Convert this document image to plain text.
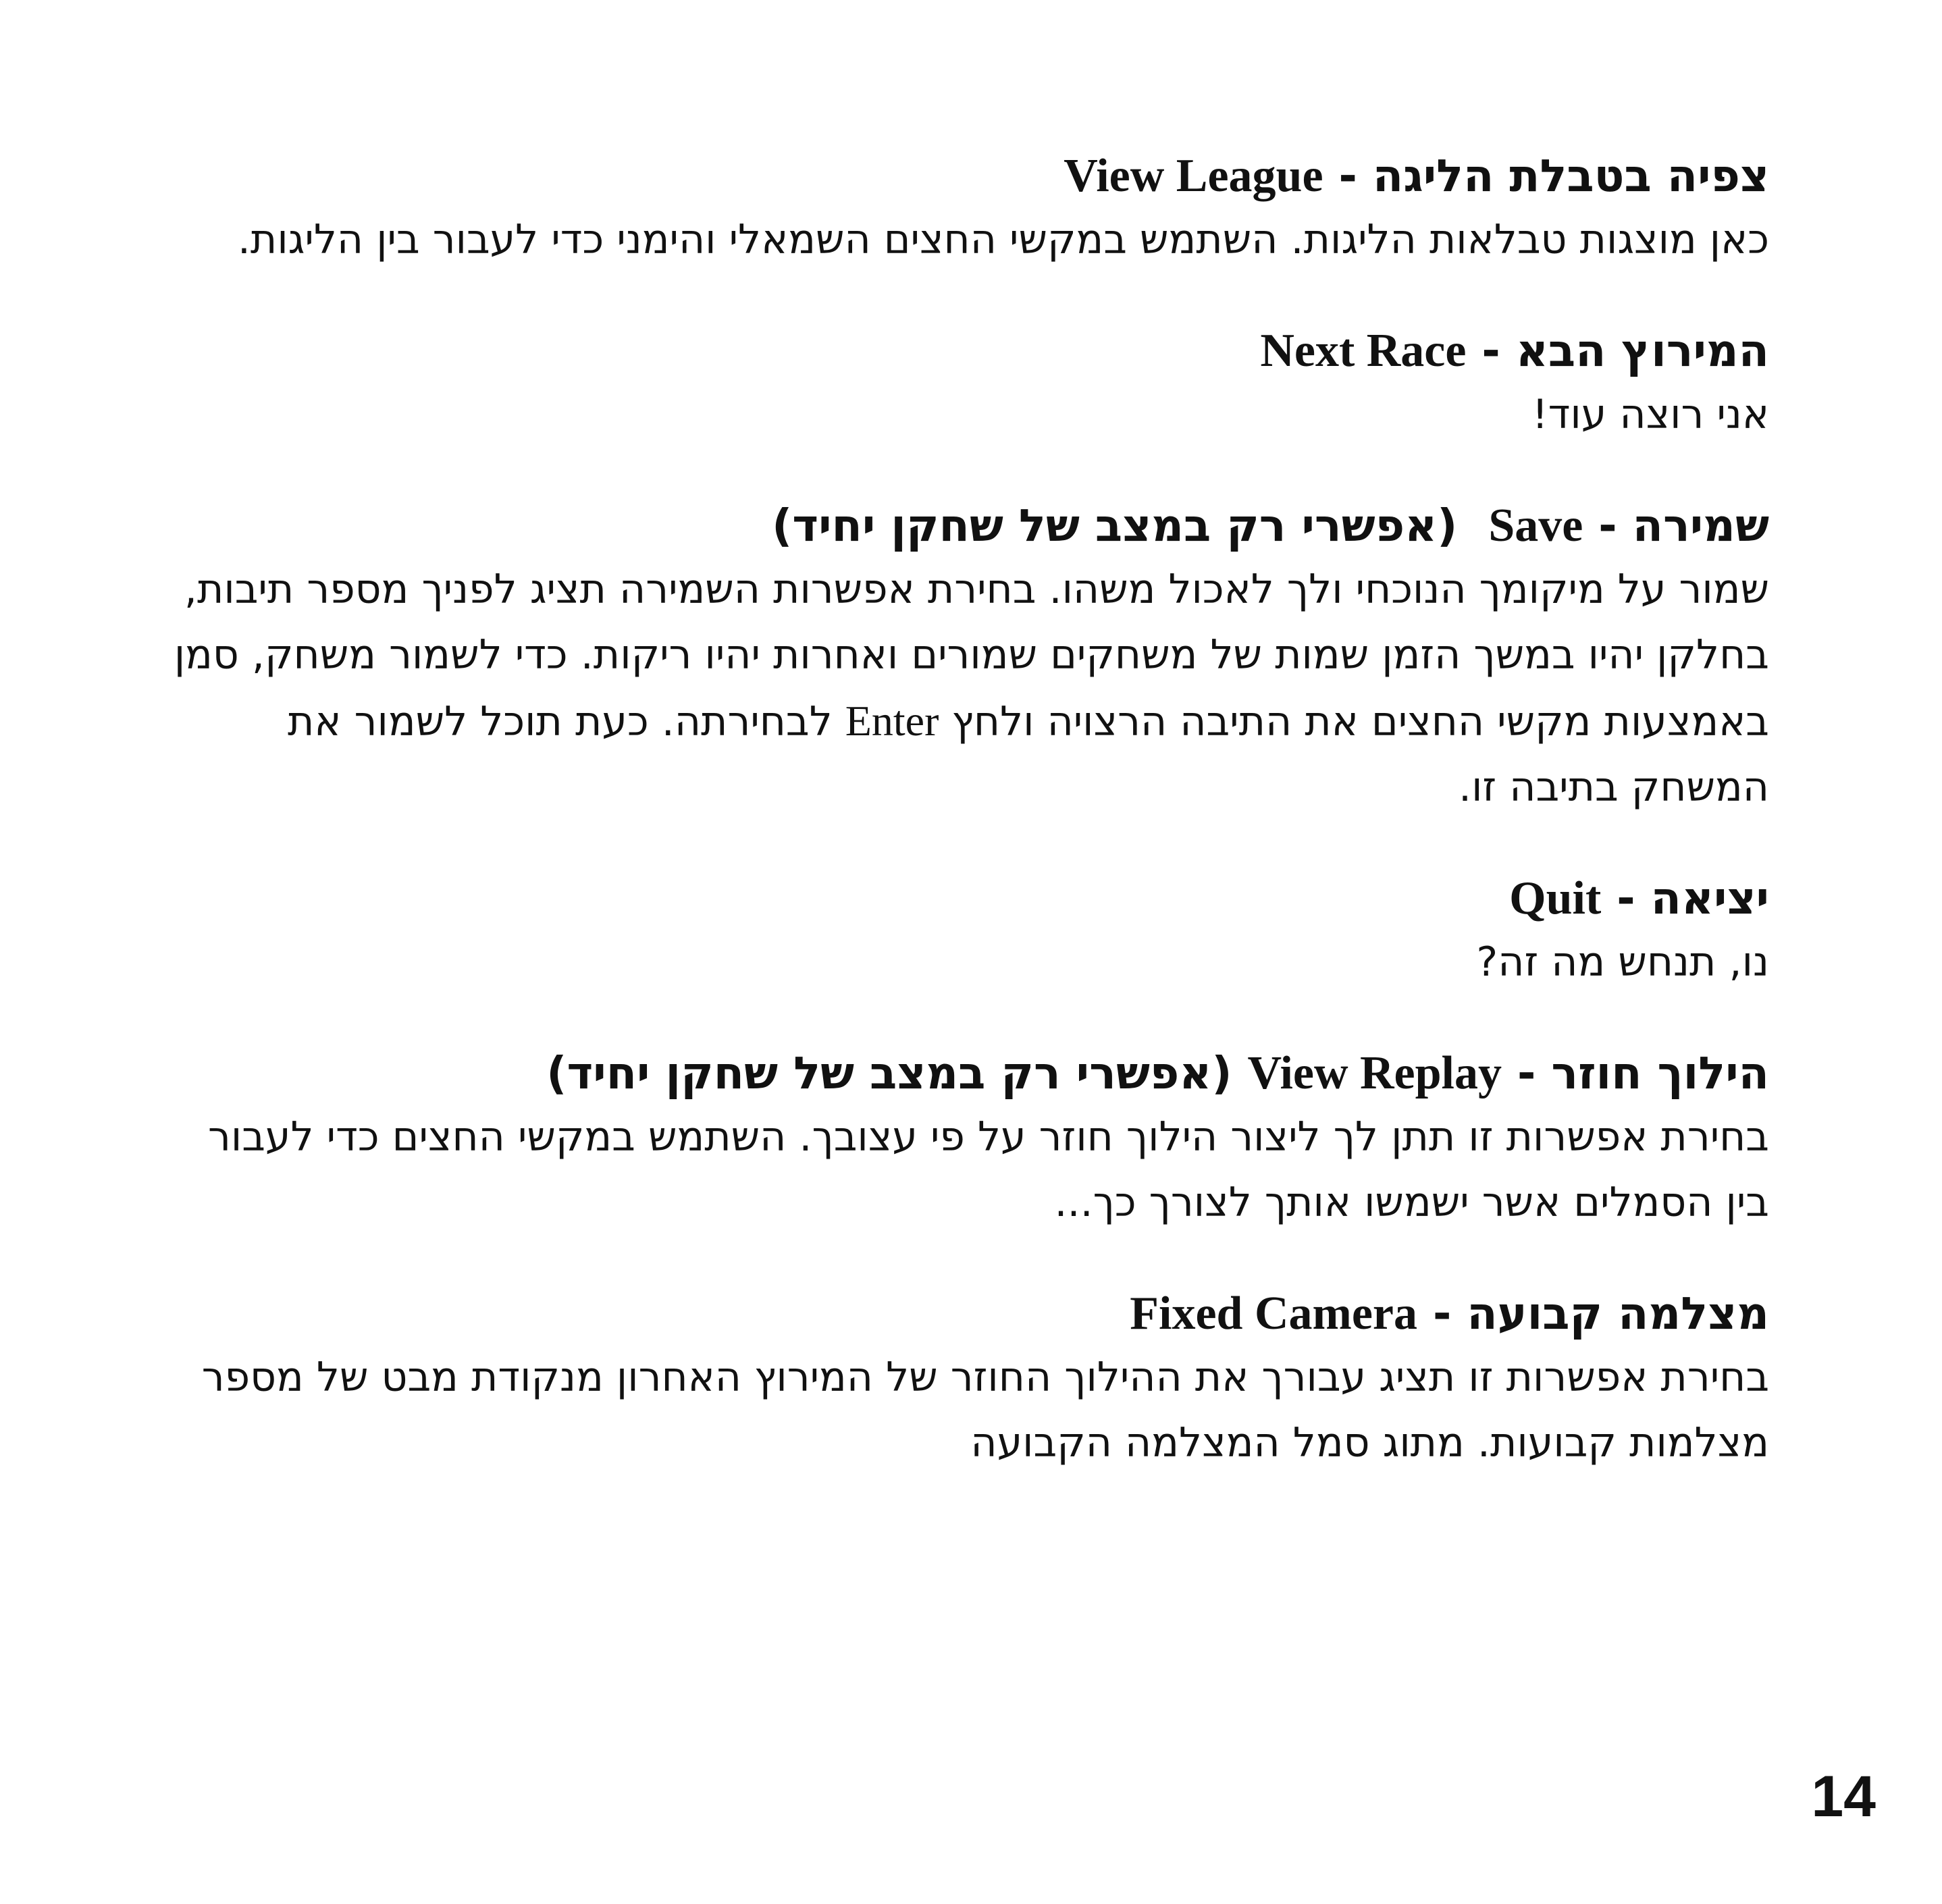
צפיה בטבלת הליגה - View League

כאן מוצגות טבלאות הליגות. השתמש במקשי החצים השמאלי והימני כדי לעבור בין הליגות.

המירוץ הבא - Next Race

אני רוצה עוד!

שמירה - Save  (אפשרי רק במצב של שחקן יחיד)

שמור על מיקומך הנוכחי ולך לאכול משהו. בחירת אפשרות השמירה תציג לפניך מספר תיבות, בחלקן יהיו במשך הזמן שמות של משחקים שמורים ואחרות יהיו ריקות. כדי לשמור משחק, סמן באמצעות מקשי החצים את התיבה הרצויה ולחץ Enter לבחירתה. כעת תוכל לשמור את המשחק בתיבה זו.

יציאה - Quit

נו, תנחש מה זה?

הילוך חוזר - View Replay (אפשרי רק במצב של שחקן יחיד)

בחירת אפשרות זו תתן לך ליצור הילוך חוזר על פי עצובך. השתמש במקשי החצים כדי לעבור בין הסמלים אשר ישמשו אותך לצורך כך...

מצלמה קבועה - Fixed Camera

בחירת אפשרות זו תציג עבורך את ההילוך החוזר של המירוץ האחרון מנקודת מבט של מספר מצלמות קבועות. מתוג סמל המצלמה הקבועה

14
